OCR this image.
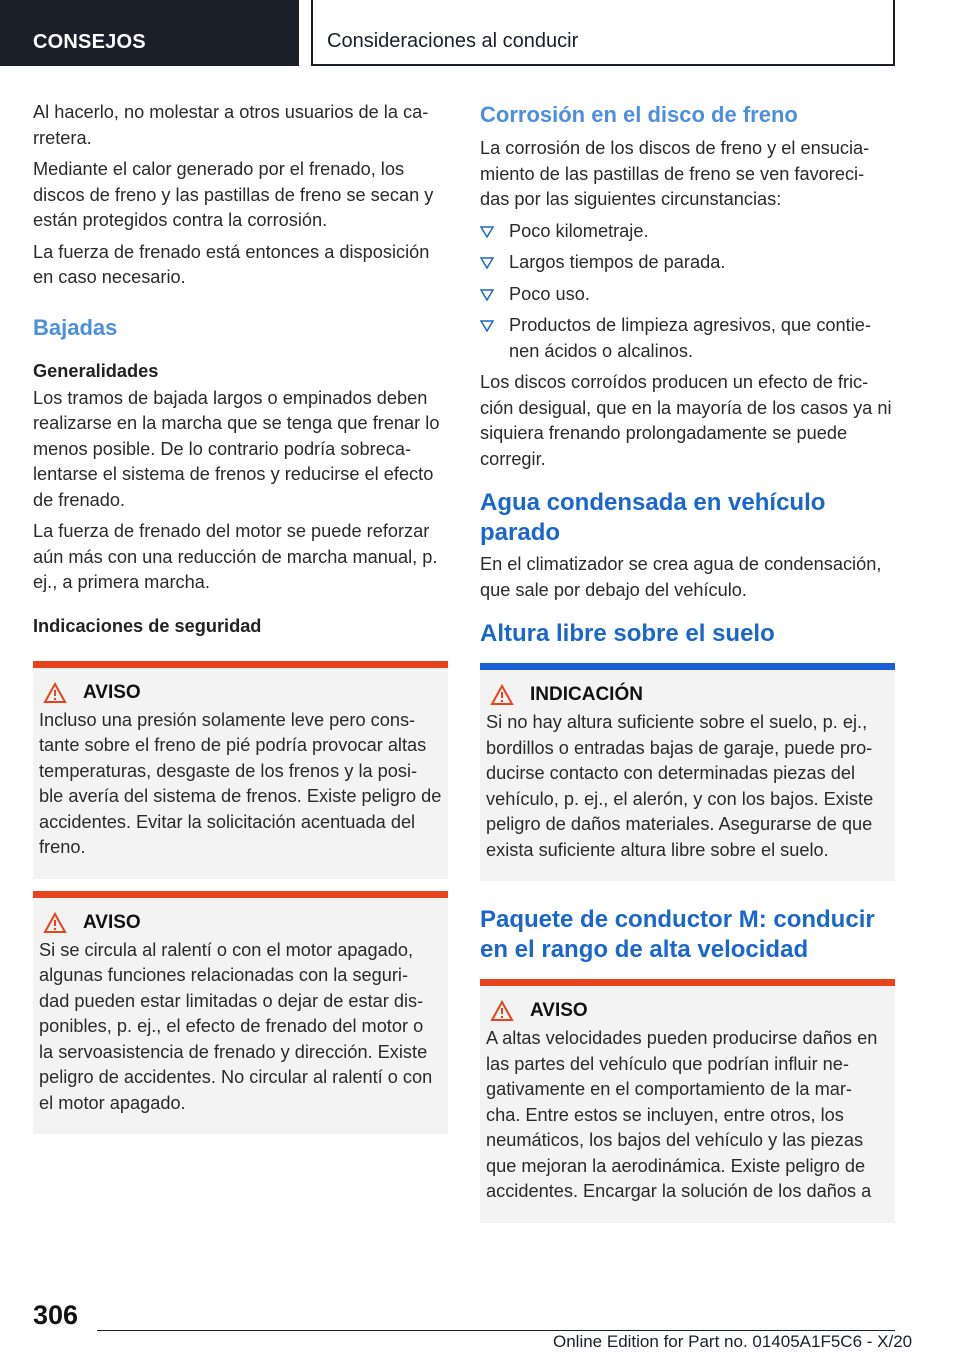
CONSEJOS	Consideraciones al conducir

Al hacerlo, no molestar a otros usuarios de la ca‐ rretera.

Mediante el calor generado por el frenado, los discos de freno y las pastillas de freno se secan y están protegidos contra la corrosión.

La fuerza de frenado está entonces a disposición en caso necesario.

Bajadas
Generalidades

Los tramos de bajada largos o empinados deben realizarse en la marcha que se tenga que frenar lo menos posible. De lo contrario podría sobreca‐ lentarse el sistema de frenos y reducirse el efecto de frenado.

La fuerza de frenado del motor se puede reforzar aún más con una reducción de marcha manual, p. ej., a primera marcha.

Indicaciones de seguridad
AVISO

Incluso una presión solamente leve pero cons‐ tante sobre el freno de pié podría provocar altas temperaturas, desgaste de los frenos y la posi‐ ble avería del sistema de frenos. Existe peligro de accidentes. Evitar la solicitación acentuada del freno.

AVISO

Si se circula al ralentí o con el motor apagado, algunas funciones relacionadas con la seguri‐ dad pueden estar limitadas o dejar de estar dis‐ ponibles, p. ej., el efecto de frenado del motor o la servoasistencia de frenado y dirección. Existe peligro de accidentes. No circular al ralentí o con el motor apagado.

Corrosión en el disco de freno

La corrosión de los discos de freno y el ensucia‐ miento de las pastillas de freno se ven favoreci‐ das por las siguientes circunstancias:

Poco kilometraje.
Largos tiempos de parada.
Poco uso.
Productos de limpieza agresivos, que contie‐ nen ácidos o alcalinos.

Los discos corroídos producen un efecto de fric‐ ción desigual, que en la mayoría de los casos ya ni siquiera frenando prolongadamente se puede corregir.

Agua condensada en vehículo parado

En el climatizador se crea agua de condensación, que sale por debajo del vehículo.

Altura libre sobre el suelo
INDICACIÓN

Si no hay altura suficiente sobre el suelo, p. ej., bordillos o entradas bajas de garaje, puede pro‐ ducirse contacto con determinadas piezas del vehículo, p. ej., el alerón, y con los bajos. Existe peligro de daños materiales. Asegurarse de que exista suficiente altura libre sobre el suelo.

Paquete de conductor M: conducir en el rango de alta velocidad
AVISO

A altas velocidades pueden producirse daños en las partes del vehículo que podrían influir ne‐ gativamente en el comportamiento de la mar‐ cha. Entre estos se incluyen, entre otros, los neumáticos, los bajos del vehículo y las piezas que mejoran la aerodinámica. Existe peligro de accidentes. Encargar la solución de los daños a

306
Online Edition for Part no. 01405A1F5C6 - X/20
